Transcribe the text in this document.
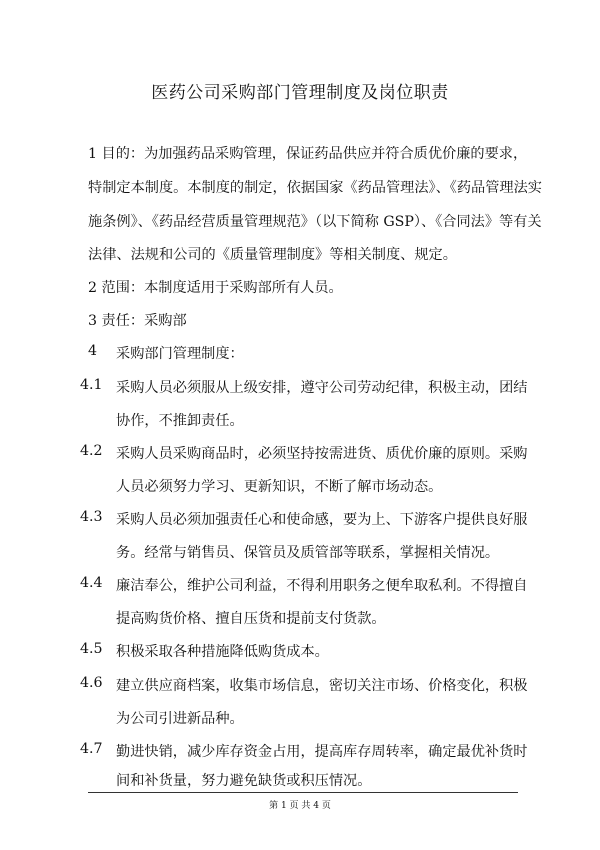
医药公司采购部门管理制度及岗位职责
1 目的：为加强药品采购管理，保证药品供应并符合质优价廉的要求，
特制定本制度。本制度的制定，依据国家《药品管理法》、《药品管理法实
施条例》、《药品经营质量管理规范》（以下简称 GSP）、《合同法》等有关
法律、法规和公司的《质量管理制度》等相关制度、规定。
2 范围：本制度适用于采购部所有人员。
3 责任：采购部
4 采购部门管理制度：
4.1 采购人员必须服从上级安排，遵守公司劳动纪律，积极主动，团结
协作，不推卸责任。
4.2 采购人员采购商品时，必须坚持按需进货、质优价廉的原则。采购
人员必须努力学习、更新知识，不断了解市场动态。
4.3 采购人员必须加强责任心和使命感，要为上、下游客户提供良好服
务。经常与销售员、保管员及质管部等联系，掌握相关情况。
4.4 廉洁奉公，维护公司利益，不得利用职务之便牟取私利。不得擅自
提高购货价格、擅自压货和提前支付货款。
4.5 积极采取各种措施降低购货成本。
4.6 建立供应商档案，收集市场信息，密切关注市场、价格变化，积极
为公司引进新品种。
4.7 勤进快销，减少库存资金占用，提高库存周转率，确定最优补货时
间和补货量，努力避免缺货或积压情况。
第 1 页 共 4 页
